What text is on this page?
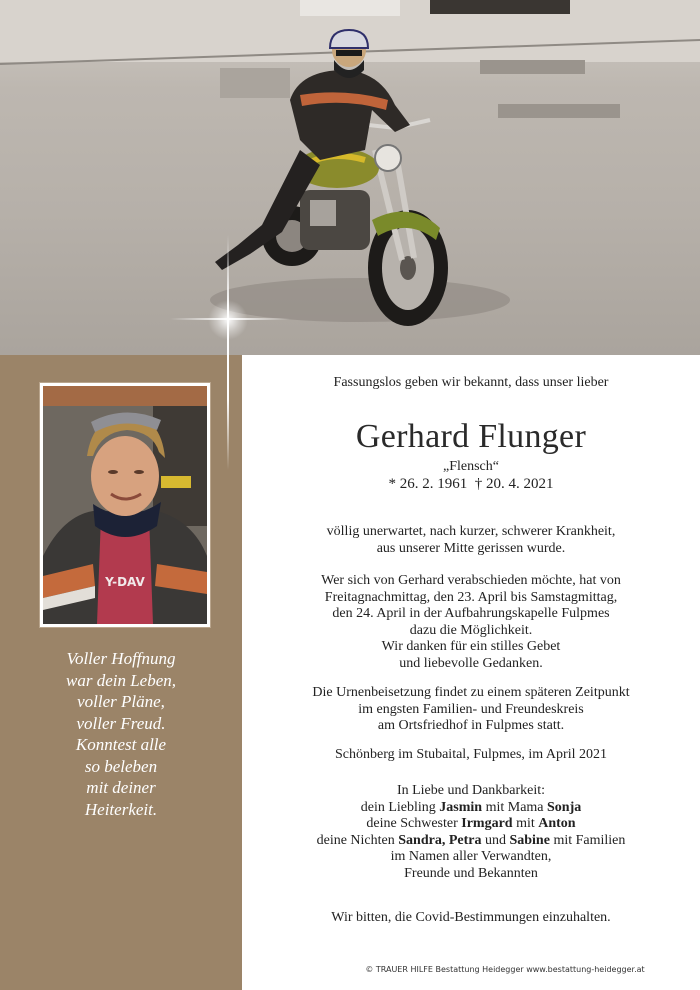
Y-DAV
Voller Hoffnung
war dein Leben,
voller Pläne,
voller Freud.
Konntest alle
so beleben
mit deiner
Heiterkeit.
Fassungslos geben wir bekannt, dass unser lieber
Gerhard Flunger
„Flensch“
* 26. 2. 1961 † 20. 4. 2021
völlig unerwartet, nach kurzer, schwerer Krankheit,
aus unserer Mitte gerissen wurde.
Wer sich von Gerhard verabschieden möchte, hat von
Freitagnachmittag, den 23. April bis Samstagmittag,
den 24. April in der Aufbahrungskapelle Fulpmes
dazu die Möglichkeit.
Wir danken für ein stilles Gebet
und liebevolle Gedanken.
Die Urnenbeisetzung findet zu einem späteren Zeitpunkt
im engsten Familien- und Freundeskreis
am Ortsfriedhof in Fulpmes statt.
Schönberg im Stubaital, Fulpmes, im April 2021
In Liebe und Dankbarkeit:
dein Liebling Jasmin mit Mama Sonja
deine Schwester Irmgard mit Anton
deine Nichten Sandra, Petra und Sabine mit Familien
im Namen aller Verwandten,
Freunde und Bekannten
Wir bitten, die Covid-Bestimmungen einzuhalten.
© TRAUER HILFE Bestattung Heidegger www.bestattung-heidegger.at
